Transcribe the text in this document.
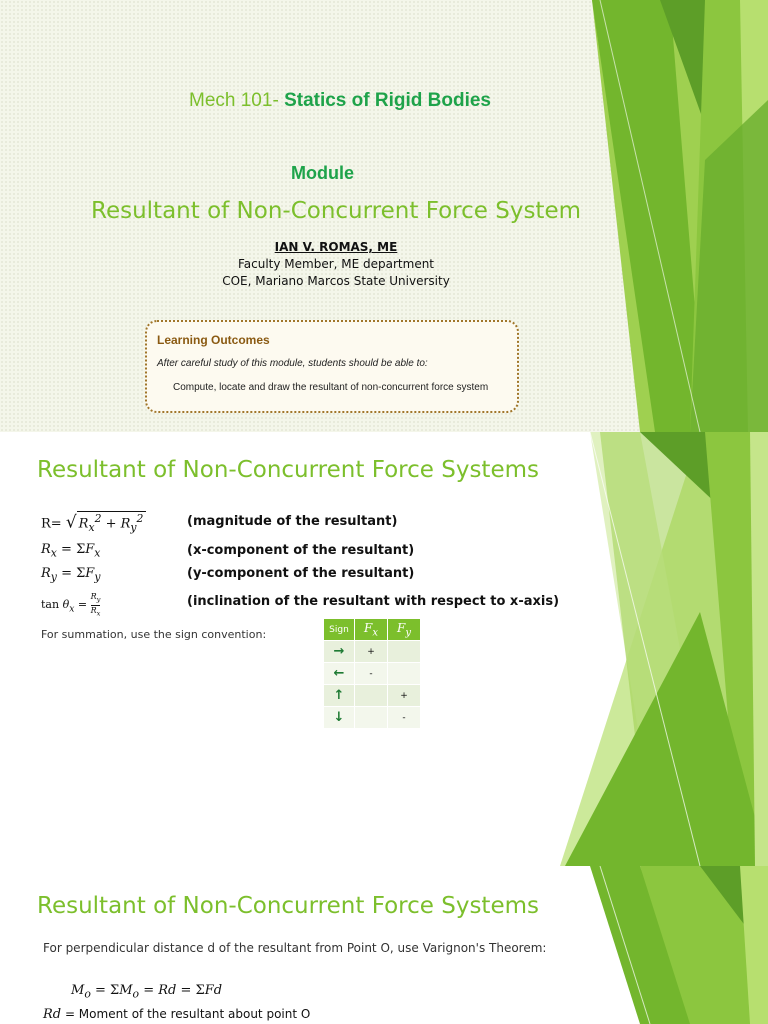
Mech 101- Statics of Rigid Bodies
Module
Resultant of Non-Concurrent Force System
IAN V. ROMAS, ME
Faculty Member, ME department
COE, Mariano Marcos State University
Learning Outcomes
After careful study of this module, students should be able to:
Compute, locate and draw the resultant of non-concurrent force system
Resultant of Non-Concurrent Force Systems
R= √ $R_x^2 + R_y^2$	(magnitude of the resultant)
$R_x = \Sigma F_x$	(x-component of the resultant)
$R_y = \Sigma F_y$	(y-component of the resultant)
$\tan \theta_x = \frac{R_y}{R_x}$	(inclination of the resultant with respect to x-axis)
For summation, use the sign convention:	Sign	$F_x$	$F_y$
→	+	
←	-	
↑		+
↓		-
Resultant of Non-Concurrent Force Systems
For perpendicular distance d of the resultant from Point O, use Varignon's Theorem:
$M_o = \Sigma M_o = Rd = \Sigma Fd$
Rd = Moment of the resultant about point O
